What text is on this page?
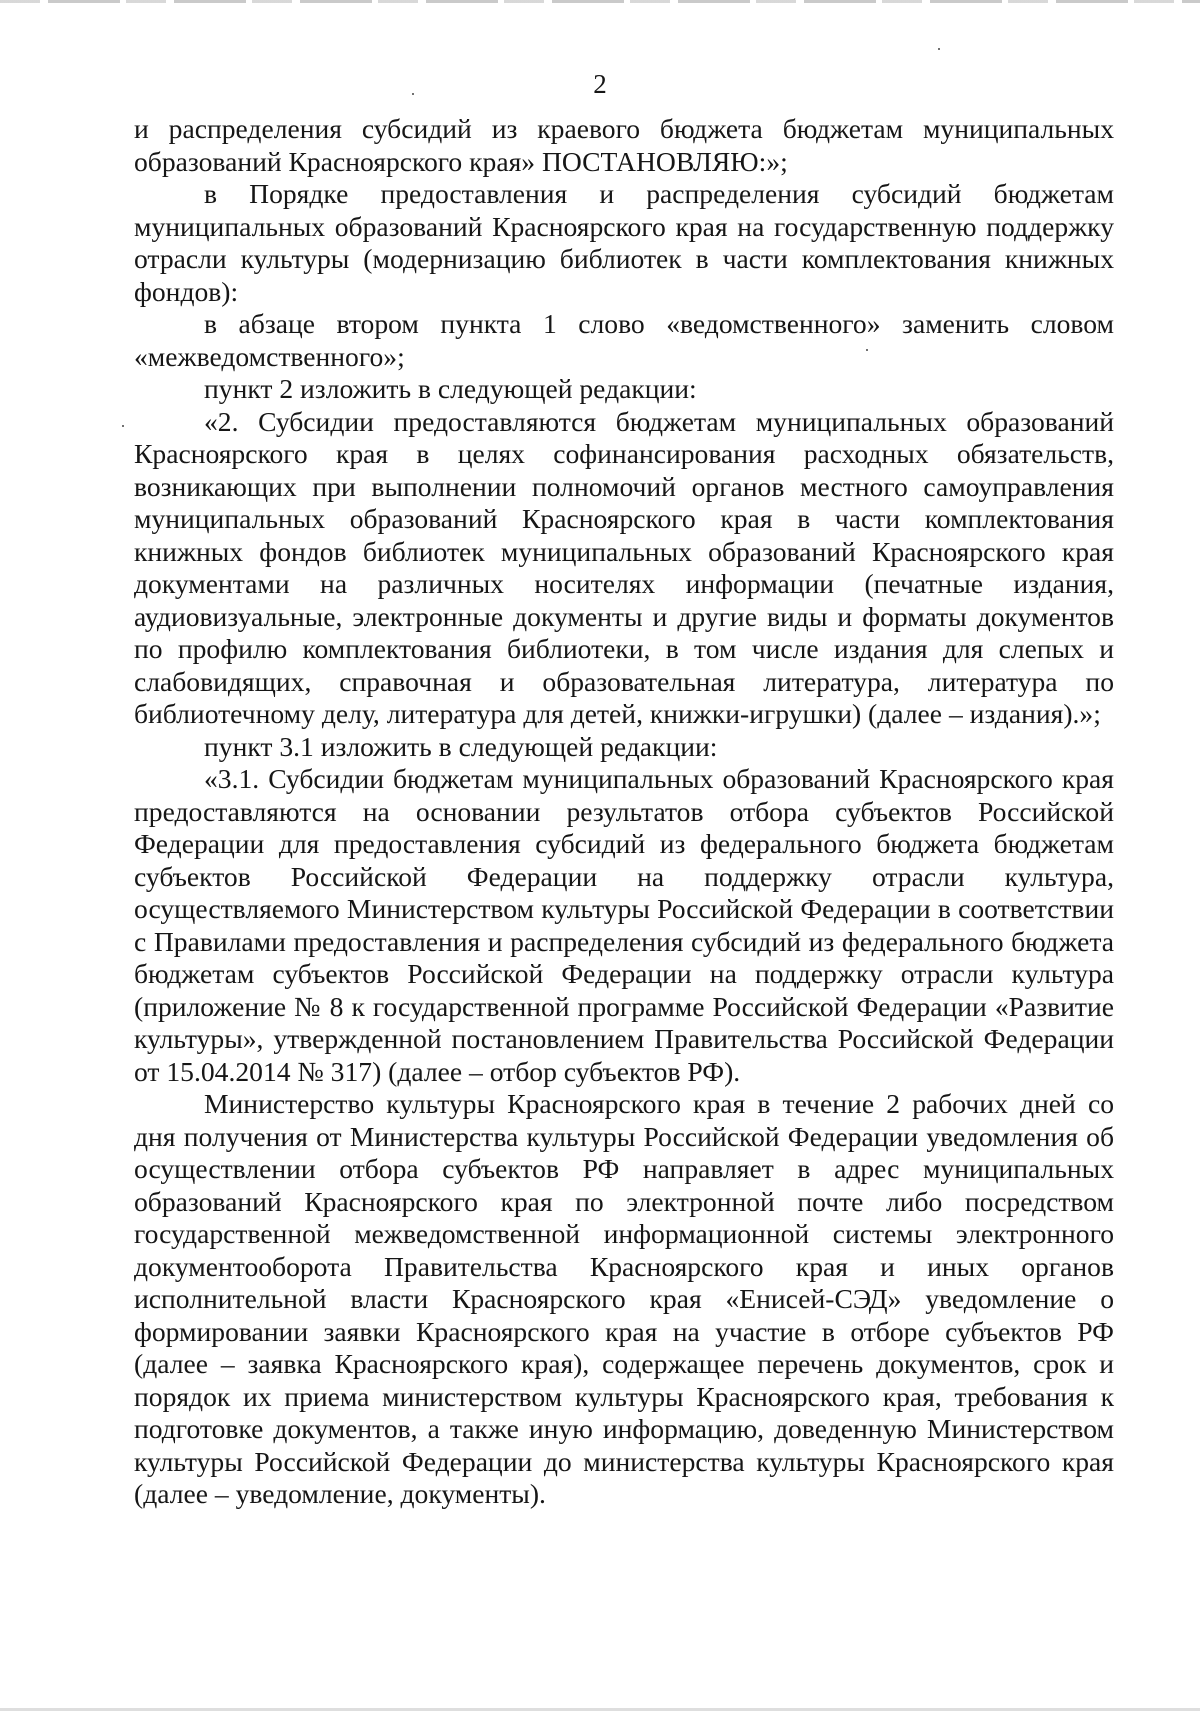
2

и распределения субсидий из краевого бюджета бюджетам муниципальных образований Красноярского края» ПОСТАНОВЛЯЮ:»;

в Порядке предоставления и распределения субсидий бюджетам муниципальных образований Красноярского края на государственную поддержку отрасли культуры (модернизацию библиотек в части комплектования книжных фондов):

в абзаце втором пункта 1 слово «ведомственного» заменить словом «межведомственного»;

пункт 2 изложить в следующей редакции:

«2. Субсидии предоставляются бюджетам муниципальных образований Красноярского края в целях софинансирования расходных обязательств, возникающих при выполнении полномочий органов местного самоуправления муниципальных образований Красноярского края в части комплектования книжных фондов библиотек муниципальных образований Красноярского края документами на различных носителях информации (печатные издания, аудиовизуальные, электронные документы и другие виды и форматы документов по профилю комплектования библиотеки, в том числе издания для слепых и слабовидящих, справочная и образовательная литература, литература по библиотечному делу, литература для детей, книжки-игрушки) (далее – издания).»;

пункт 3.1 изложить в следующей редакции:

«3.1. Субсидии бюджетам муниципальных образований Красноярского края предоставляются на основании результатов отбора субъектов Российской Федерации для предоставления субсидий из федерального бюджета бюджетам субъектов Российской Федерации на поддержку отрасли культура, осуществляемого Министерством культуры Российской Федерации в соответствии с Правилами предоставления и распределения субсидий из федерального бюджета бюджетам субъектов Российской Федерации на поддержку отрасли культура (приложение № 8 к государственной программе Российской Федерации «Развитие культуры», утвержденной постановлением Правительства Российской Федерации от 15.04.2014 № 317) (далее – отбор субъектов РФ).

Министерство культуры Красноярского края в течение 2 рабочих дней со дня получения от Министерства культуры Российской Федерации уведомления об осуществлении отбора субъектов РФ направляет в адрес муниципальных образований Красноярского края по электронной почте либо посредством государственной межведомственной информационной системы электронного документооборота Правительства Красноярского края и иных органов исполнительной власти Красноярского края «Енисей-СЭД» уведомление о формировании заявки Красноярского края на участие в отборе субъектов РФ (далее – заявка Красноярского края), содержащее перечень документов, срок и порядок их приема министерством культуры Красноярского края, требования к подготовке документов, а также иную информацию, доведенную Министерством культуры Российской Федерации до министерства культуры Красноярского края (далее – уведомление, документы).
